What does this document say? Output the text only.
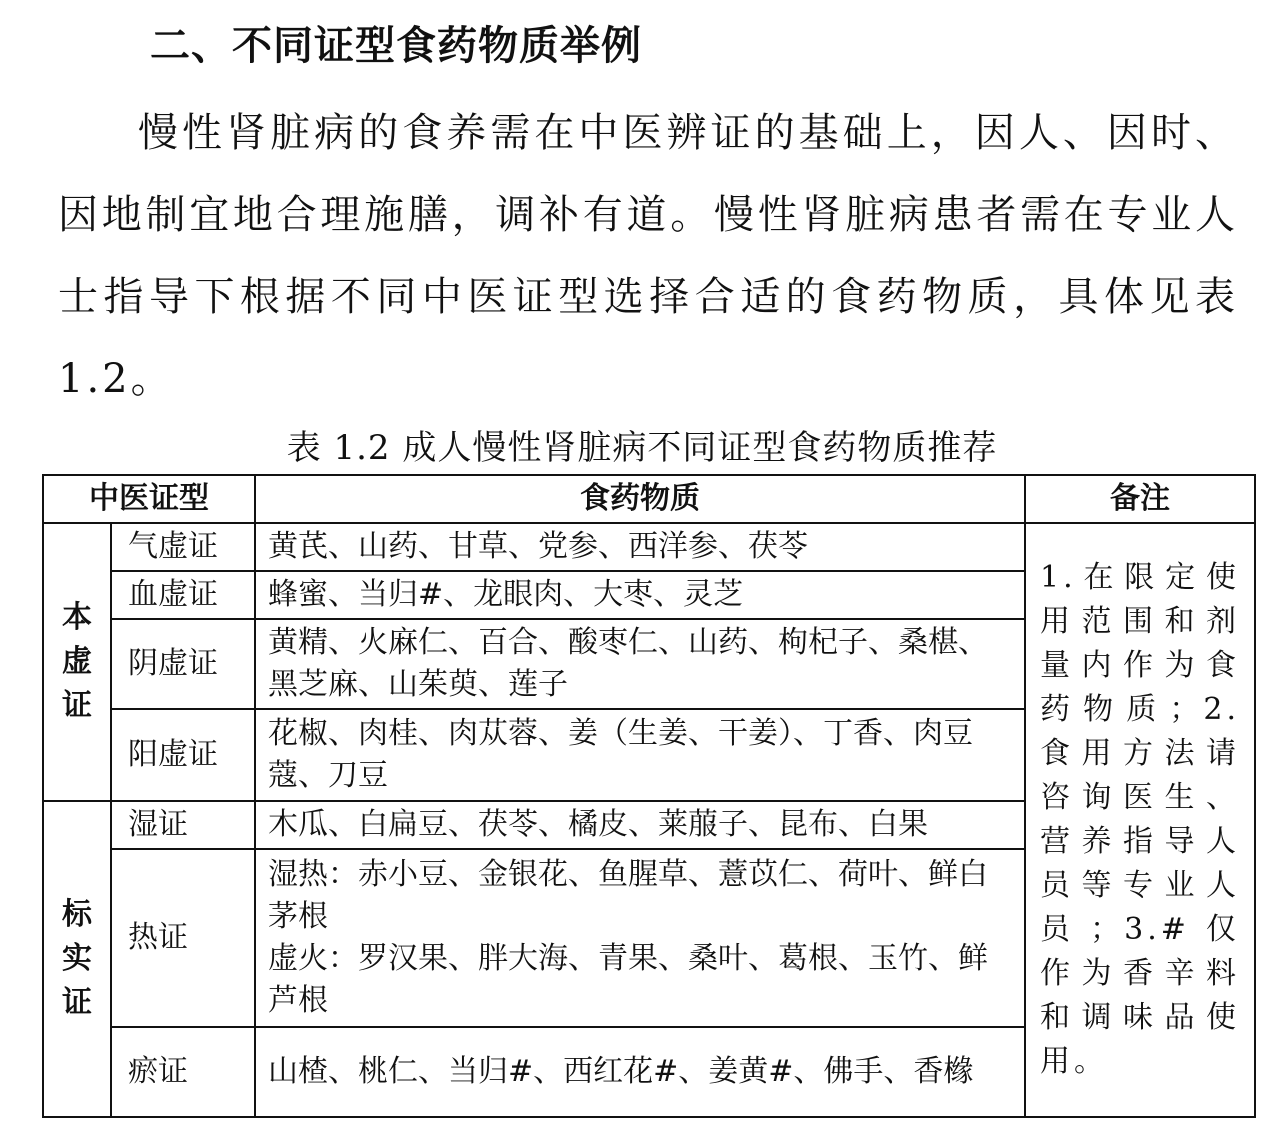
二、不同证型食药物质举例
慢性肾脏病的食养需在中医辨证的基础上，因人、因时、因地制宜地合理施膳，调补有道。慢性肾脏病患者需在专业人士指导下根据不同中医证型选择合适的食药物质，具体见表 1.2。
表 1.2 成人慢性肾脏病不同证型食药物质推荐
中医证型		食药物质	备注
本虚证	气虚证	黄芪、山药、甘草、党参、西洋参、茯苓	1.在限定使用范围和剂量内作为食药物质；2.食用方法请咨询医生、营养指导人员等专业人员；3.#仅作为香辛料和调味品使用。
	血虚证	蜂蜜、当归#、龙眼肉、大枣、灵芝	
	阴虚证	黄精、火麻仁、百合、酸枣仁、山药、枸杞子、桑椹、黑芝麻、山茱萸、莲子	
	阳虚证	花椒、肉桂、肉苁蓉、姜（生姜、干姜）、丁香、肉豆蔻、刀豆	
标实证	湿证	木瓜、白扁豆、茯苓、橘皮、莱菔子、昆布、白果	
	热证	湿热：赤小豆、金银花、鱼腥草、薏苡仁、荷叶、鲜白茅根
虚火：罗汉果、胖大海、青果、桑叶、葛根、玉竹、鲜芦根	

	瘀证	山楂、桃仁、当归#、西红花#、姜黄#、佛手、香橼	
